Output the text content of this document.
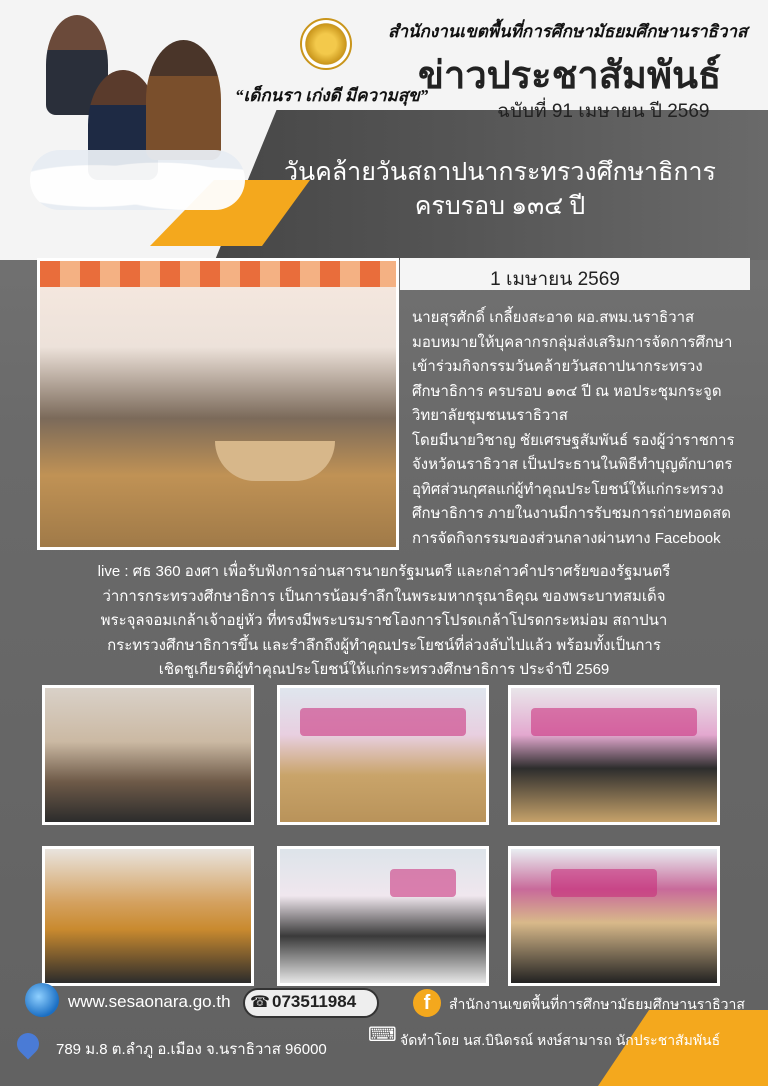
สำนักงานเขตพื้นที่การศึกษามัธยมศึกษานราธิวาส
ข่าวประชาสัมพันธ์
“เด็กนรา เก่งดี มีความสุข”
ฉบับที่ 91 เมษายน ปี 2569
วันคล้ายวันสถาปนากระทรวงศึกษาธิการ
ครบรอบ ๑๓๔ ปี
1 เมษายน 2569
นายสุรศักดิ์ เกลี้ยงสะอาด ผอ.สพม.นราธิวาส
มอบหมายให้บุคลากรกลุ่มส่งเสริมการจัดการศึกษา
เข้าร่วมกิจกรรมวันคล้ายวันสถาปนากระทรวง
ศึกษาธิการ ครบรอบ ๑๓๔ ปี ณ หอประชุมกระจูด
วิทยาลัยชุมชนนราธิวาส
โดยมีนายวิชาญ ชัยเศรษฐสัมพันธ์ รองผู้ว่าราชการ
จังหวัดนราธิวาส เป็นประธานในพิธีทำบุญตักบาตร
อุทิศส่วนกุศลแก่ผู้ทำคุณประโยชน์ให้แก่กระทรวง
ศึกษาธิการ ภายในงานมีการรับชมการถ่ายทอดสด
การจัดกิจกรรมของส่วนกลางผ่านทาง Facebook
live : ศธ 360 องศา เพื่อรับฟังการอ่านสารนายกรัฐมนตรี และกล่าวคำปราศรัยของรัฐมนตรี
ว่าการกระทรวงศึกษาธิการ เป็นการน้อมรำลึกในพระมหากรุณาธิคุณ ของพระบาทสมเด็จ
พระจุลจอมเกล้าเจ้าอยู่หัว ที่ทรงมีพระบรมราชโองการโปรดเกล้าโปรดกระหม่อม สถาปนา
กระทรวงศึกษาธิการขึ้น และรำลึกถึงผู้ทำคุณประโยชน์ที่ล่วงลับไปแล้ว พร้อมทั้งเป็นการ
เชิดชูเกียรติผู้ทำคุณประโยชน์ให้แก่กระทรวงศึกษาธิการ ประจำปี 2569
www.sesaonara.go.th ☎ 073511984	f	สำนักงานเขตพื้นที่การศึกษามัธยมศึกษานราธิวาส
789 ม.8 ต.ลำภู อ.เมือง จ.นราธิวาส 96000
⌨ จัดทำโดย นส.บินิดรณ์ หงษ์สามารถ นักประชาสัมพันธ์
